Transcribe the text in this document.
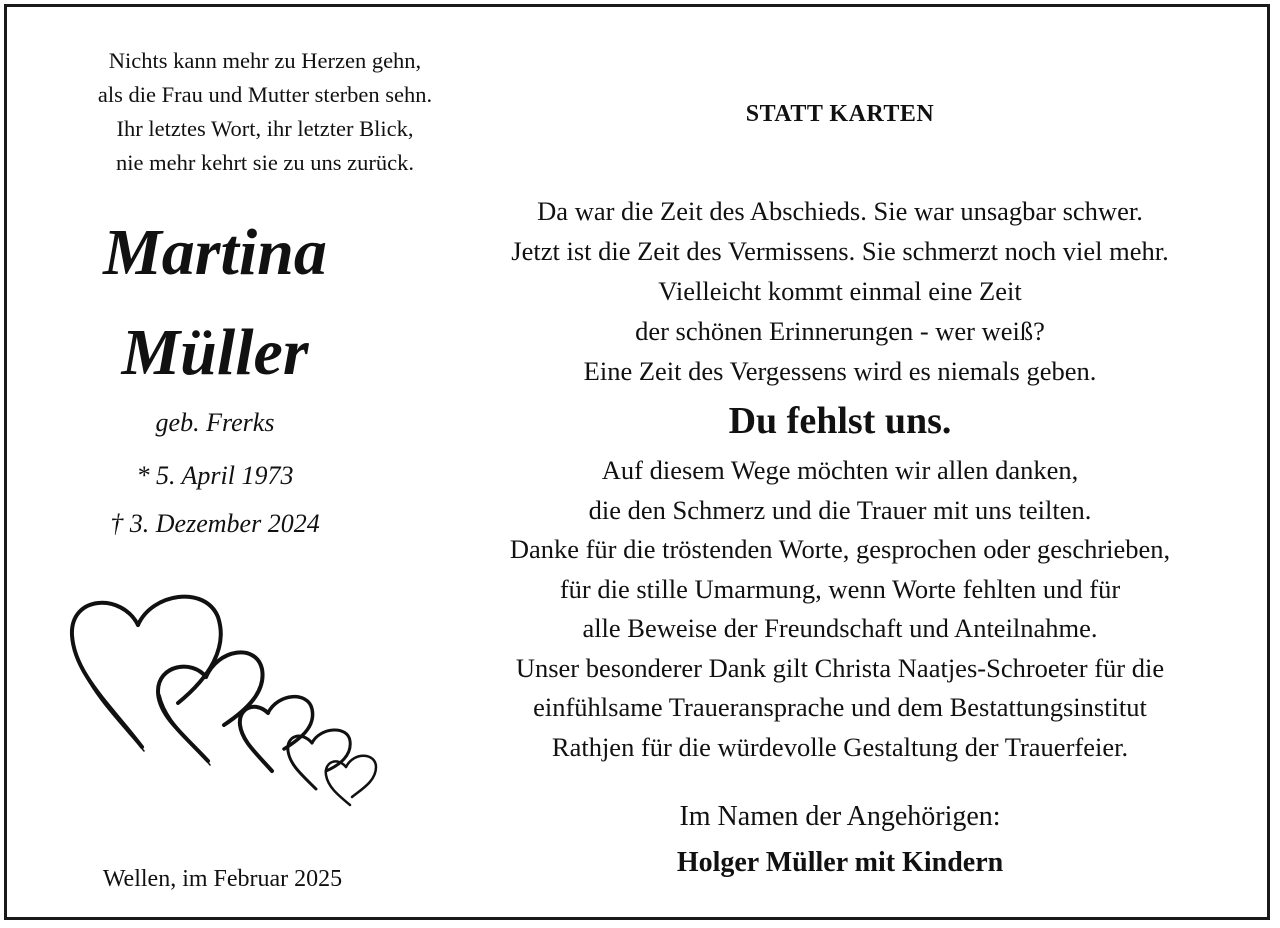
Nichts kann mehr zu Herzen gehn,
als die Frau und Mutter sterben sehn.
Ihr letztes Wort, ihr letzter Blick,
nie mehr kehrt sie zu uns zurück.
Martina
Müller
geb. Frerks
* 5. April 1973
† 3. Dezember 2024
Wellen, im Februar 2025
STATT KARTEN
Da war die Zeit des Abschieds. Sie war unsagbar schwer.
Jetzt ist die Zeit des Vermissens. Sie schmerzt noch viel mehr.
Vielleicht kommt einmal eine Zeit
der schönen Erinnerungen - wer weiß?
Eine Zeit des Vergessens wird es niemals geben.
Du fehlst uns.
Auf diesem Wege möchten wir allen danken,
die den Schmerz und die Trauer mit uns teilten.
Danke für die tröstenden Worte, gesprochen oder geschrieben,
für die stille Umarmung, wenn Worte fehlten und für
alle Beweise der Freundschaft und Anteilnahme.
Unser besonderer Dank gilt Christa Naatjes-Schroeter für die
einfühlsame Traueransprache und dem Bestattungsinstitut
Rathjen für die würdevolle Gestaltung der Trauerfeier.
Im Namen der Angehörigen:
Holger Müller mit Kindern
